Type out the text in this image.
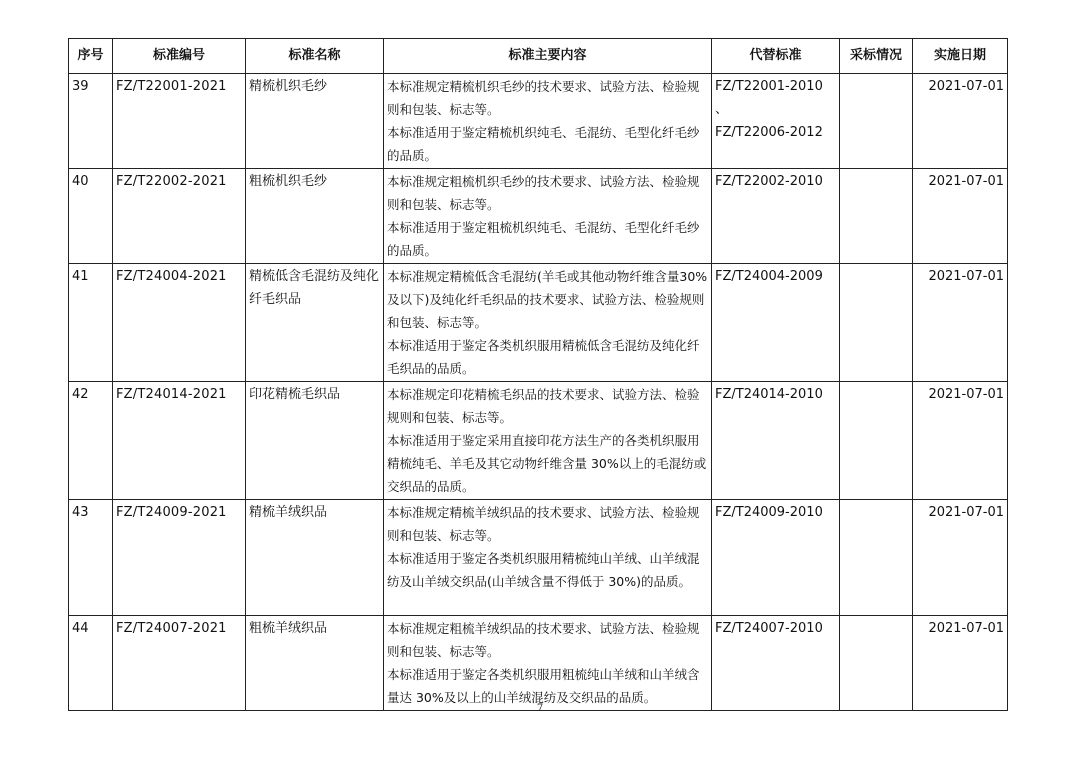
序号	标准编号	标准名称	标准主要内容	代替标准	采标情况	实施日期
39	FZ/T22001-2021	精梳机织毛纱	本标准规定精梳机织毛纱的技术要求、试验方法、检验规则和包装、标志等。
本标准适用于鉴定精梳机织纯毛、毛混纺、毛型化纤毛纱的品质。	FZ/T22001-2010 、
FZ/T22006-2012		2021-07-01
40	FZ/T22002-2021	粗梳机织毛纱	本标准规定粗梳机织毛纱的技术要求、试验方法、检验规则和包装、标志等。
本标准适用于鉴定粗梳机织纯毛、毛混纺、毛型化纤毛纱的品质。	FZ/T22002-2010		2021-07-01
41	FZ/T24004-2021	精梳低含毛混纺及纯化纤毛织品	本标准规定精梳低含毛混纺(羊毛或其他动物纤维含量30%及以下)及纯化纤毛织品的技术要求、试验方法、检验规则和包装、标志等。
本标准适用于鉴定各类机织服用精梳低含毛混纺及纯化纤毛织品的品质。	FZ/T24004-2009		2021-07-01
42	FZ/T24014-2021	印花精梳毛织品	本标准规定印花精梳毛织品的技术要求、试验方法、检验规则和包装、标志等。
本标准适用于鉴定采用直接印花方法生产的各类机织服用精梳纯毛、羊毛及其它动物纤维含量 30%以上的毛混纺或交织品的品质。	FZ/T24014-2010		2021-07-01
43	FZ/T24009-2021	精梳羊绒织品	本标准规定精梳羊绒织品的技术要求、试验方法、检验规则和包装、标志等。
本标准适用于鉴定各类机织服用精梳纯山羊绒、山羊绒混纺及山羊绒交织品(山羊绒含量不得低于 30%)的品质。	FZ/T24009-2010		2021-07-01
44	FZ/T24007-2021	粗梳羊绒织品	本标准规定粗梳羊绒织品的技术要求、试验方法、检验规则和包装、标志等。
本标准适用于鉴定各类机织服用粗梳纯山羊绒和山羊绒含量达 30%及以上的山羊绒混纺及交织品的品质。	FZ/T24007-2010		2021-07-01
7
